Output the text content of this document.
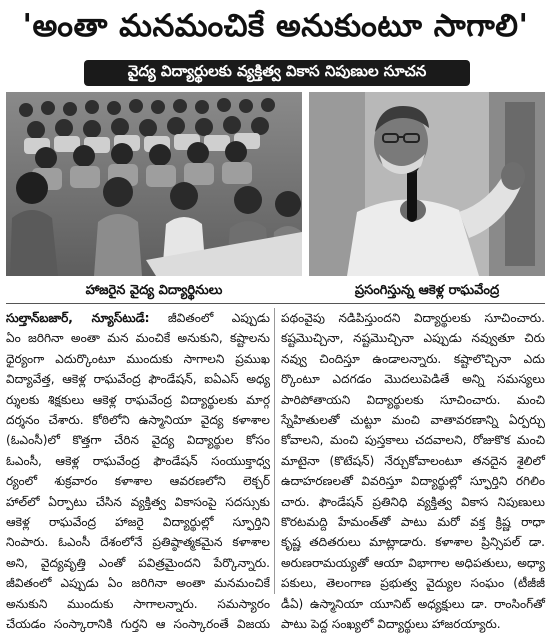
'అంతా మనమంచికే అనుకుంటూ సాగాలి'
వైద్య విద్యార్థులకు వ్యక్తిత్వ వికాస నిపుణుల సూచన
హాజరైన వైద్య విద్యార్థినులు	ప్రసంగిస్తున్న ఆకెళ్ల రాఘవేంద్ర
సుల్తాన్‌బజార్, న్యూస్‌టుడే: జీవితంలో ఎప్పుడు
ఏం జరిగినా అంతా మన మంచికే అనుకుని, కష్టాలను
ధైర్యంగా ఎదుర్కొంటూ ముందుకు సాగాలని ప్రముఖ
విద్యావేత్త, ఆకెళ్ల రాఘవేంద్ర ఫౌండేషన్, ఐఏఎస్ అధ్య
ర్శులకు శిక్షకులు ఆకెళ్ల రాఘవేంద్ర విద్యార్థులకు మార్గ
దర్శనం చేశారు. కోఠిలోని ఉస్మానియా వైద్య కళాశాల
(ఓఎంసీ)లో కొత్తగా చేరిన వైద్య విద్యార్థుల కోసం
ఓఎంసీ, ఆకెళ్ల రాఘవేంద్ర ఫౌండేషన్ సంయుక్తాధ్వ
ర్యంలో శుక్రవారం కళాశాల ఆవరణలోని లెక్చర్
హాల్‌లో ఏర్పాటు చేసిన వ్యక్తిత్వ వికాసంపై సదస్సుకు
ఆకెళ్ల రాఘవేంద్ర హాజరై విద్యార్థుల్లో స్ఫూర్తిని
నింపారు. ఓఎంసీ దేశంలోనే ప్రతిష్ఠాత్మకమైన కళాశాల
అని, వైద్యవృత్తి ఎంతో పవిత్రమైందని పేర్కొన్నారు.
జీవితంలో ఎప్పుడు ఏం జరిగినా అంతా మనమంచికే
అనుకుని ముందుకు సాగాలన్నారు. సమస్యారం
చేయడం సంస్కారానికి గుర్తని ఆ సంస్కారంతే విజయ
పథంవైపు నడిపిస్తుందని విద్యార్థులకు సూచించారు.
కష్టమొచ్చినా, నష్టమొచ్చినా ఎప్పుడు నవ్వుతూ చిరు
నవ్వు చిందిస్తూ ఉండాలన్నారు. కష్టాలొచ్చినా ఎదు
ర్కొంటూ ఎదగడం మొదలుపెడితే అన్ని సమస్యలు
పారిపోతాయని విద్యార్థులకు సూచించారు. మంచి
స్నేహితులతో చుట్టూ మంచి వాతావరణాన్ని ఏర్పర్చు
కోవాలని, మంచి పుస్తకాలు చదవాలని, రోజుకొక మంచి
మాటైనా (కొటేషన్) నేర్చుకోవాలంటూ తనదైన శైలిలో
ఉదాహరణలతో వివరిస్తూ విద్యార్థుల్లో స్ఫూర్తిని రగిలిం
చారు. ఫౌండేషన్ ప్రతినిధి వ్యక్తిత్వ వికాస నిపుణులు
కొరటమద్ది హేమంత్‌తో పాటు మరో వక్త క్రిష్ణ రాధా
కృష్ణ తదితరులు మాట్లాడారు. కళాశాల ప్రిన్సిపల్ డా.
అరుణరామయ్యతో ఆయా విభాగాల అధిపతులు, అధ్యా
పకులు, తెలంగాణ ప్రభుత్వ వైద్యుల సంఘం (టీజీజీ
డీఏ) ఉస్మానియా యూనిట్ అధ్యక్షులు డా. రాంసింగ్‌తో
పాటు పెద్ద సంఖ్యలో విద్యార్థులు హాజరయ్యారు.
